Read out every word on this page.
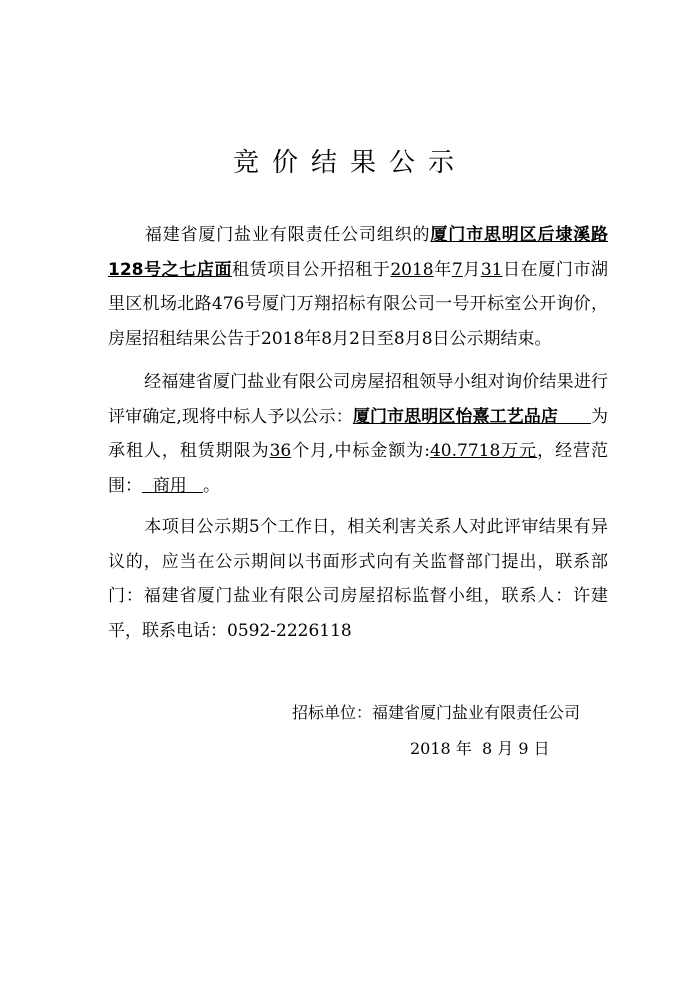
竞价结果公示
福建省厦门盐业有限责任公司组织的厦门市思明区后埭溪路128号之七店面租赁项目公开招租于2018年7月31日在厦门市湖里区机场北路476号厦门万翔招标有限公司一号开标室公开询价，房屋招租结果公告于2018年8月2日至8月8日公示期结束。
经福建省厦门盐业有限公司房屋招租领导小组对询价结果进行评审确定,现将中标人予以公示：厦门市思明区怡熹工艺品店 为承租人，租赁期限为36个月,中标金额为:40.7718万元，经营范围： 商用 。
本项目公示期5个工作日，相关利害关系人对此评审结果有异议的，应当在公示期间以书面形式向有关监督部门提出，联系部门：福建省厦门盐业有限公司房屋招标监督小组，联系人：许建平，联系电话：0592-2226118
招标单位：福建省厦门盐业有限责任公司
2018 年  8 月 9 日
